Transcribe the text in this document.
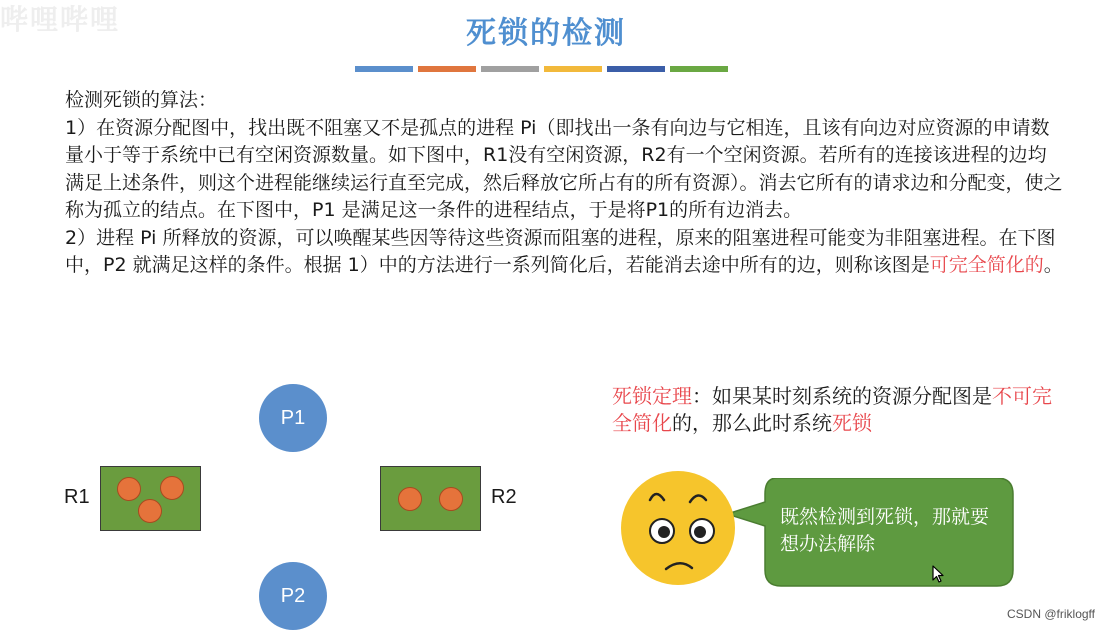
哔哩哔哩	死锁的检测

检测死锁的算法：

1）在资源分配图中，找出既不阻塞又不是孤点的进程 Pi（即找出一条有向边与它相连，且该有向边对应资源的申请数量小于等于系统中已有空闲资源数量。如下图中，R1没有空闲资源，R2有一个空闲资源。若所有的连接该进程的边均满足上述条件，则这个进程能继续运行直至完成，然后释放它所占有的所有资源）。消去它所有的请求边和分配变，使之称为孤立的结点。在下图中，P1 是满足这一条件的进程结点，于是将P1的所有边消去。

2）进程 Pi 所释放的资源，可以唤醒某些因等待这些资源而阻塞的进程，原来的阻塞进程可能变为非阻塞进程。在下图中，P2 就满足这样的条件。根据 1）中的方法进行一系列简化后，若能消去途中所有的边，则称该图是可完全简化的。

P1
P2
R1	R2

死锁定理：如果某时刻系统的资源分配图是不可完全简化的，那么此时系统死锁

既然检测到死锁，那就要想办法解除

CSDN @friklogff
